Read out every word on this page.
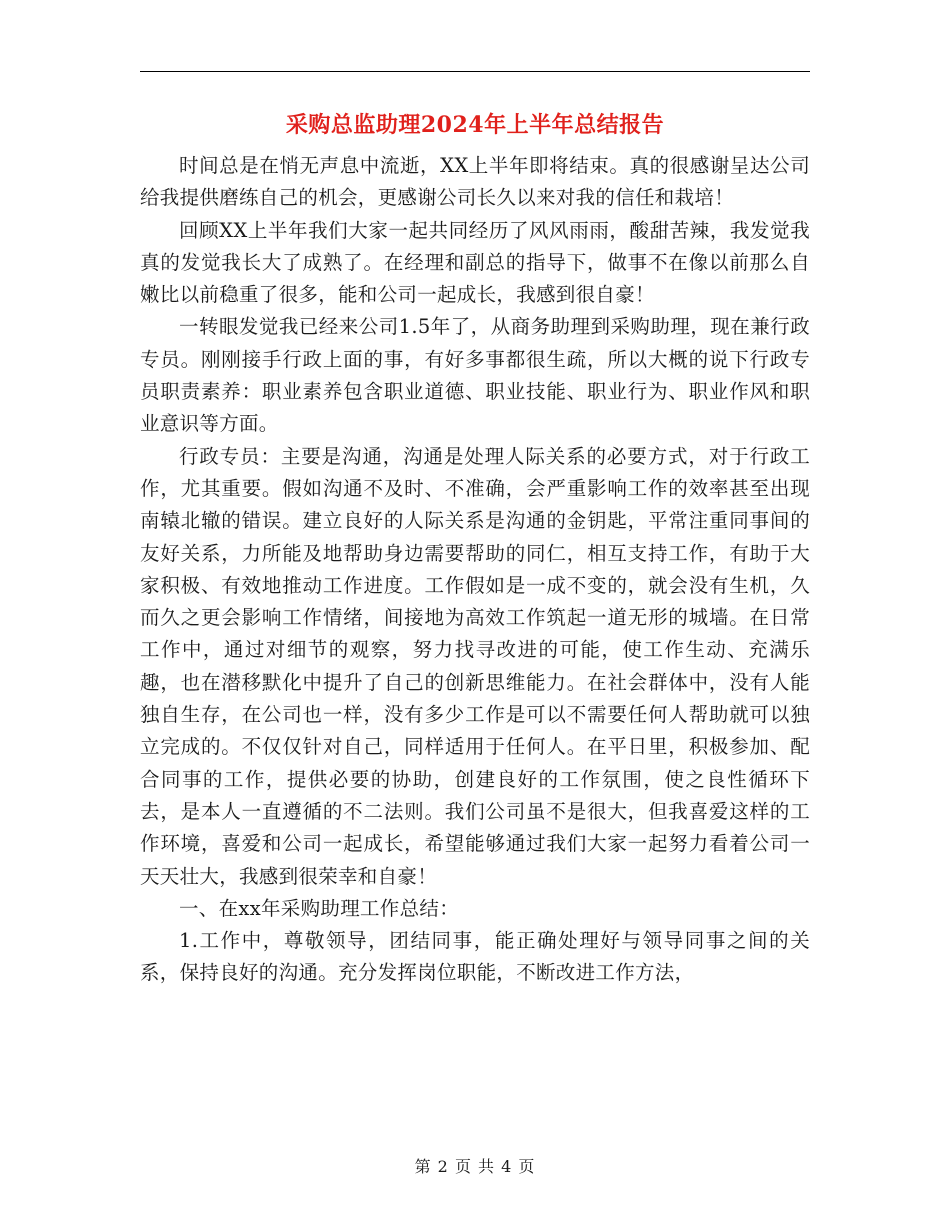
采购总监助理2024年上半年总结报告

时间总是在悄无声息中流逝，XX上半年即将结束。真的很感谢呈达公司给我提供磨练自己的机会，更感谢公司长久以来对我的信任和栽培！

回顾XX上半年我们大家一起共同经历了风风雨雨，酸甜苦辣，我发觉我真的发觉我长大了成熟了。在经理和副总的指导下，做事不在像以前那么自嫩比以前稳重了很多，能和公司一起成长，我感到很自豪！

一转眼发觉我已经来公司1.5年了，从商务助理到采购助理，现在兼行政专员。刚刚接手行政上面的事，有好多事都很生疏，所以大概的说下行政专员职责素养：职业素养包含职业道德、职业技能、职业行为、职业作风和职业意识等方面。

行政专员：主要是沟通，沟通是处理人际关系的必要方式，对于行政工作，尤其重要。假如沟通不及时、不准确，会严重影响工作的效率甚至出现南辕北辙的错误。建立良好的人际关系是沟通的金钥匙，平常注重同事间的友好关系，力所能及地帮助身边需要帮助的同仁，相互支持工作，有助于大家积极、有效地推动工作进度。工作假如是一成不变的，就会没有生机，久而久之更会影响工作情绪，间接地为高效工作筑起一道无形的城墙。在日常工作中，通过对细节的观察，努力找寻改进的可能，使工作生动、充满乐趣，也在潜移默化中提升了自己的创新思维能力。在社会群体中，没有人能独自生存，在公司也一样，没有多少工作是可以不需要任何人帮助就可以独立完成的。不仅仅针对自己，同样适用于任何人。在平日里，积极参加、配合同事的工作，提供必要的协助，创建良好的工作氛围，使之良性循环下去，是本人一直遵循的不二法则。我们公司虽不是很大，但我喜爱这样的工作环境，喜爱和公司一起成长，希望能够通过我们大家一起努力看着公司一天天壮大，我感到很荣幸和自豪！

一、在xx年采购助理工作总结：

1.工作中，尊敬领导，团结同事，能正确处理好与领导同事之间的关系，保持良好的沟通。充分发挥岗位职能，不断改进工作方法，

第 2 页 共 4 页
